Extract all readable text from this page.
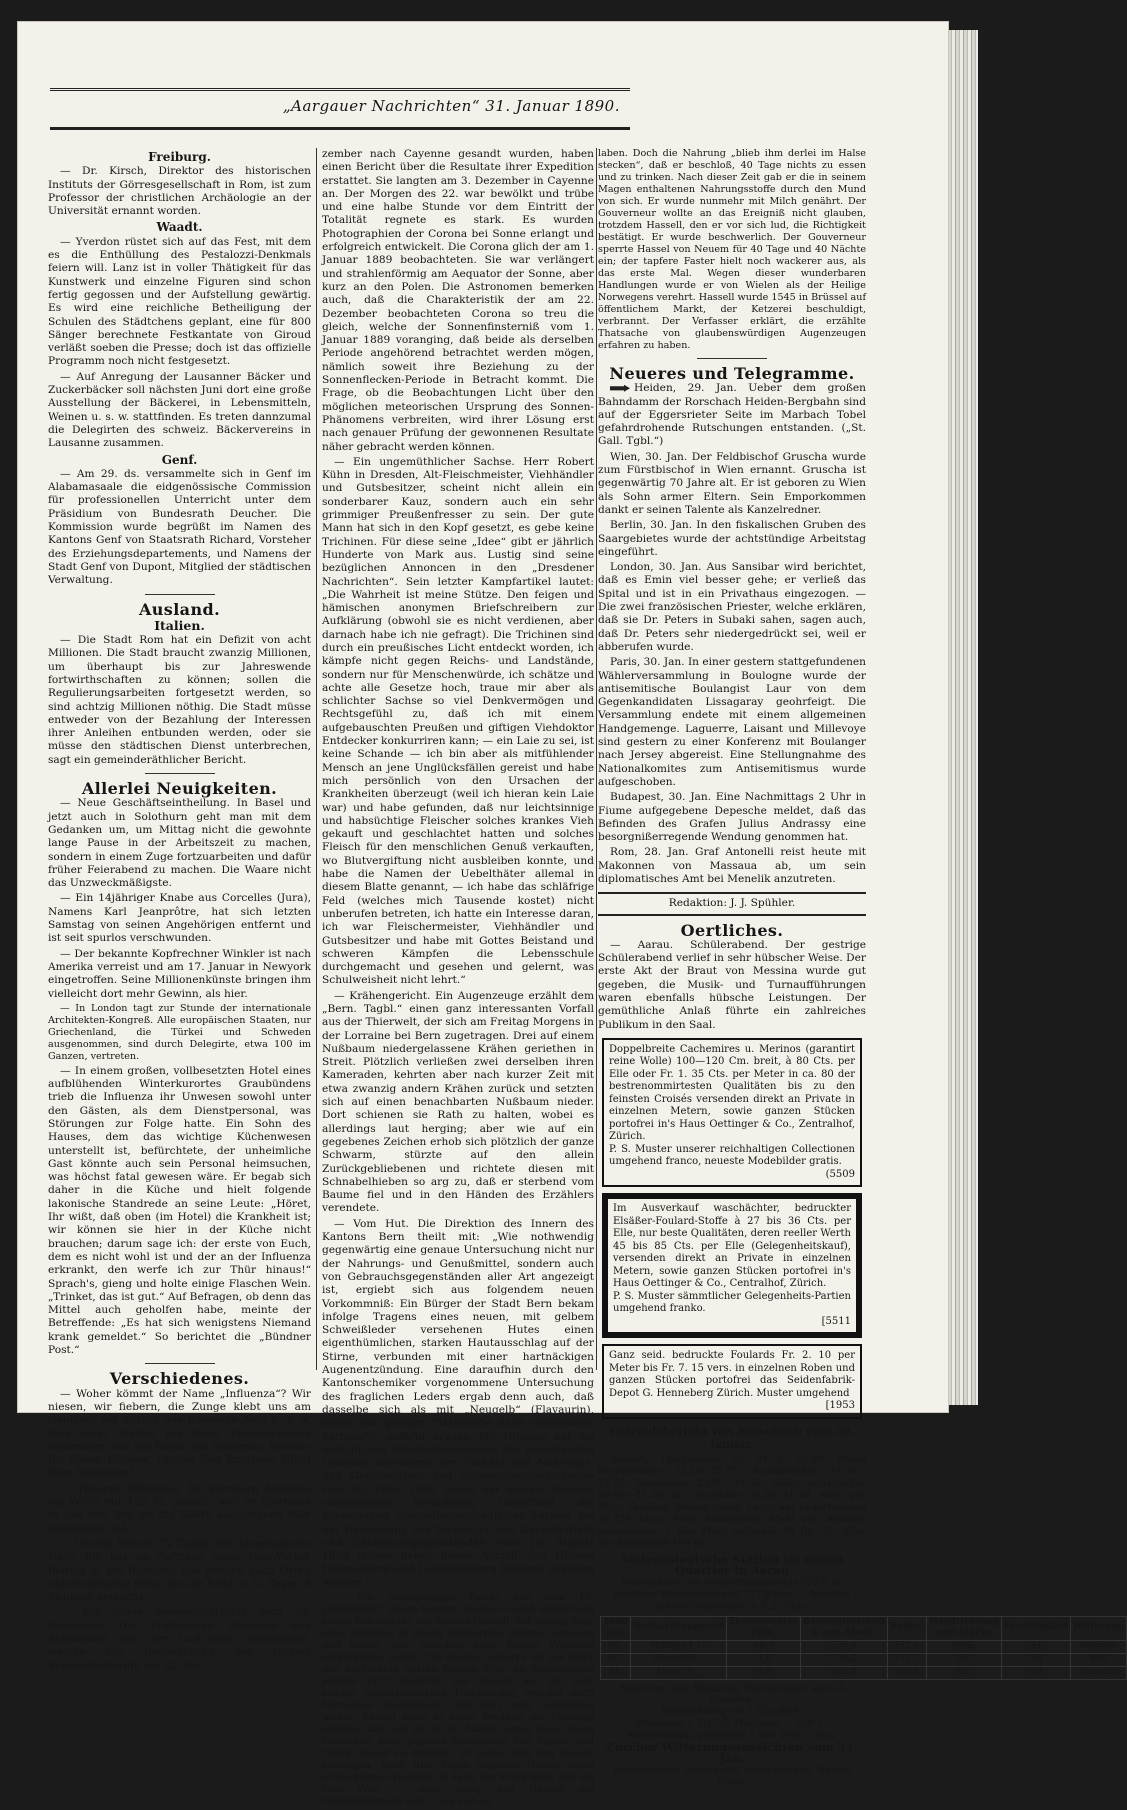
„Aargauer Nachrichten“ 31. Januar 1890.
Freiburg.

— Dr. Kirsch, Direktor des historischen Instituts der Görresgesellschaft in Rom, ist zum Professor der christlichen Archäologie an der Universität ernannt worden.

Waadt.

— Yverdon rüstet sich auf das Fest, mit dem es die Enthüllung des Pestalozzi-Denkmals feiern will. Lanz ist in voller Thätigkeit für das Kunstwerk und einzelne Figuren sind schon fertig gegossen und der Aufstellung gewärtig. Es wird eine reichliche Betheiligung der Schulen des Städtchens geplant, eine für 800 Sänger berechnete Festkantate von Giroud verläßt soeben die Presse; doch ist das offizielle Programm noch nicht festgesetzt.

— Auf Anregung der Lausanner Bäcker und Zuckerbäcker soll nächsten Juni dort eine große Ausstellung der Bäckerei, in Lebensmitteln, Weinen u. s. w. stattfinden. Es treten dannzumal die Delegirten des schweiz. Bäckervereins in Lausanne zusammen.

Genf.

— Am 29. ds. versammelte sich in Genf im Alabamasaale die eidgenössische Commission für professionellen Unterricht unter dem Präsidium von Bundesrath Deucher. Die Kommission wurde begrüßt im Namen des Kantons Genf von Staatsrath Richard, Vorsteher des Erziehungsdepartements, und Namens der Stadt Genf von Dupont, Mitglied der städtischen Verwaltung.

Ausland.
Italien.

— Die Stadt Rom hat ein Defizit von acht Millionen. Die Stadt braucht zwanzig Millionen, um überhaupt bis zur Jahreswende fortwirthschaften zu können; sollen die Regulierungsarbeiten fortgesetzt werden, so sind achtzig Millionen nöthig. Die Stadt müsse entweder von der Bezahlung der Interessen ihrer Anleihen entbunden werden, oder sie müsse den städtischen Dienst unterbrechen, sagt ein gemeinderäthlicher Bericht.

Allerlei Neuigkeiten.

— Neue Geschäftseintheilung. In Basel und jetzt auch in Solothurn geht man mit dem Gedanken um, um Mittag nicht die gewohnte lange Pause in der Arbeitszeit zu machen, sondern in einem Zuge fortzuarbeiten und dafür früher Feierabend zu machen. Die Waare nicht das Unzweckmäßigste.

— Ein 14jähriger Knabe aus Corcelles (Jura), Namens Karl Jeanprôtre, hat sich letzten Samstag von seinen Angehörigen entfernt und ist seit spurlos verschwunden.

— Der bekannte Kopfrechner Winkler ist nach Amerika verreist und am 17. Januar in Newyork eingetroffen. Seine Millionenkünste bringen ihm vielleicht dort mehr Gewinn, als hier.

— In London tagt zur Stunde der internationale Architekten-Kongreß. Alle europäischen Staaten, nur Griechenland, die Türkei und Schweden ausgenommen, sind durch Delegirte, etwa 100 im Ganzen, vertreten.

— In einem großen, vollbesetzten Hotel eines aufblühenden Winterkurortes Graubündens trieb die Influenza ihr Unwesen sowohl unter den Gästen, als dem Dienstpersonal, was Störungen zur Folge hatte. Ein Sohn des Hauses, dem das wichtige Küchenwesen unterstellt ist, befürchtete, der unheimliche Gast könnte auch sein Personal heimsuchen, was höchst fatal gewesen wäre. Er begab sich daher in die Küche und hielt folgende lakonische Standrede an seine Leute: „Höret, Ihr wißt, daß oben (im Hotel) die Krankheit ist; wir können sie hier in der Küche nicht brauchen; darum sage ich: der erste von Euch, dem es nicht wohl ist und der an der Influenza erkrankt, den werfe ich zur Thür hinaus!“ Sprach's, gieng und holte einige Flaschen Wein. „Trinket, das ist gut.“ Auf Befragen, ob denn das Mittel auch geholfen habe, meinte der Betreffende: „Es hat sich wenigstens Niemand krank gemeldet.“ So berichtet die „Bündner Post.“

Verschiedenes.

— Woher kömmt der Name „Influenza“? Wir niesen, wir fiebern, die Zunge klebt uns am Gaumen, wir zittern wie frierende Aale u. s. w. Nun wohl, stellen wir diese Erscheinungen zusammen und wir haben die Influenza. Beweis: Ich Niese, Fiebere, Lechze Und Erzittere, Nicht Zum Aushalten!

— Theures Kübelbier. In Nürnberg bezahlte ein Wirth mit 125 Fr. gebüßt, weil er Bierreste in das von ihm an die Gäste abgegebene Bier geschüttet hat.

— Um die Erde in 72 Tagen. Die Amerikanerin Nelly Bly hat im Auftrage eines New-Yorker Blattes in der Richtung von Westen nach Osten unternommene Reise um die Erde in 72 Tagen 6 Stunden gemacht.

— Die totale Sonnenfinsterniß vom 22. Dezember. Die Professoren Burnham und Schaeberle von der Lick'schen Sternwarte, welche zur Beobachtung der totalen Sonnenfinsterniß am 22. De-

zember nach Cayenne gesandt wurden, haben einen Bericht über die Resultate ihrer Expedition erstattet. Sie langten am 3. Dezember in Cayenne an. Der Morgen des 22. war bewölkt und trübe und eine halbe Stunde vor dem Eintritt der Totalität regnete es stark. Es wurden Photographien der Corona bei Sonne erlangt und erfolgreich entwickelt. Die Corona glich der am 1. Januar 1889 beobachteten. Sie war verlängert und strahlenförmig am Aequator der Sonne, aber kurz an den Polen. Die Astronomen bemerken auch, daß die Charakteristik der am 22. Dezember beobachteten Corona so treu die gleich, welche der Sonnenfinsterniß vom 1. Januar 1889 voranging, daß beide als derselben Periode angehörend betrachtet werden mögen, nämlich soweit ihre Beziehung zu der Sonnenflecken-Periode in Betracht kommt. Die Frage, ob die Beobachtungen Licht über den möglichen meteorischen Ursprung des Sonnen-Phänomens verbreiten, wird ihrer Lösung erst nach genauer Prüfung der gewonnenen Resultate näher gebracht werden können.

— Ein ungemüthlicher Sachse. Herr Robert Kühn in Dresden, Alt-Fleischmeister, Viehhändler und Gutsbesitzer, scheint nicht allein ein sonderbarer Kauz, sondern auch ein sehr grimmiger Preußenfresser zu sein. Der gute Mann hat sich in den Kopf gesetzt, es gebe keine Trichinen. Für diese seine „Idee“ gibt er jährlich Hunderte von Mark aus. Lustig sind seine bezüglichen Annoncen in den „Dresdener Nachrichten“. Sein letzter Kampfartikel lautet: „Die Wahrheit ist meine Stütze. Den feigen und hämischen anonymen Briefschreibern zur Aufklärung (obwohl sie es nicht verdienen, aber darnach habe ich nie gefragt). Die Trichinen sind durch ein preußisches Licht entdeckt worden, ich kämpfe nicht gegen Reichs- und Landstände, sondern nur für Menschenwürde, ich schätze und achte alle Gesetze hoch, traue mir aber als schlichter Sachse so viel Denkvermögen und Rechtsgefühl zu, daß ich mit einem aufgebauschten Preußen und giftigen Viehdoktor Entdecker konkurriren kann; — ein Laie zu sei, ist keine Schande — ich bin aber als mitfühlender Mensch an jene Unglücksfällen gereist und habe mich persönlich von den Ursachen der Krankheiten überzeugt (weil ich hieran kein Laie war) und habe gefunden, daß nur leichtsinnige und habsüchtige Fleischer solches krankes Vieh gekauft und geschlachtet hatten und solches Fleisch für den menschlichen Genuß verkauften, wo Blutvergiftung nicht ausbleiben konnte, und habe die Namen der Uebelthäter allemal in diesem Blatte genannt, — ich habe das schläfrige Feld (welches mich Tausende kostet) nicht unberufen betreten, ich hatte ein Interesse daran, ich war Fleischermeister, Viehhändler und Gutsbesitzer und habe mit Gottes Beistand und schweren Kämpfen die Lebensschule durchgemacht und gesehen und gelernt, was Schulweisheit nicht lehrt.“

— Krähengericht. Ein Augenzeuge erzählt dem „Bern. Tagbl.“ einen ganz interessanten Vorfall aus der Thierwelt, der sich am Freitag Morgens in der Lorraine bei Bern zugetragen. Drei auf einem Nußbaum niedergelassene Krähen geriethen in Streit. Plötzlich verließen zwei derselben ihren Kameraden, kehrten aber nach kurzer Zeit mit etwa zwanzig andern Krähen zurück und setzten sich auf einen benachbarten Nußbaum nieder. Dort schienen sie Rath zu halten, wobei es allerdings laut herging; aber wie auf ein gegebenes Zeichen erhob sich plötzlich der ganze Schwarm, stürzte auf den allein Zurückgebliebenen und richtete diesen mit Schnabelhieben so arg zu, daß er sterbend vom Baume fiel und in den Händen des Erzählers verendete.

— Vom Hut. Die Direktion des Innern des Kantons Bern theilt mit: „Wie nothwendig gegenwärtig eine genaue Untersuchung nicht nur der Nahrungs- und Genußmittel, sondern auch von Gebrauchsgegenständen aller Art angezeigt ist, ergiebt sich aus folgendem neuen Vorkommniß: Ein Bürger der Stadt Bern bekam infolge Tragens eines neuen, mit gelbem Schweißleder versehenen Hutes einen eigenthümlichen, starken Hautausschlag auf der Stirne, verbunden mit einer hartnäckigen Augenentzündung. Eine daraufhin durch den Kantonschemiker vorgenommene Untersuchung des fraglichen Leders ergab denn auch, daß dasselbe sich als mit „Neugelb“ (Flavaurin), einem der giftigen Pikrinfarbe nahe verwandten Farbstoffe, gefärbt erwies. Mit Hinweis auf die bezüglichen Strafbestimmungen des betreffenden Gesetzes betreffend den Verkehr mit Nahrungs- und Genußmitteln und Gebrauchsgegenständen vom 26. Febr. 1888, sowie der diesem Gesetze zudienenden Verordnung betreffend die Verwendung gesundheitsschädlicher Farben bei der Herstellung von Nahrungs- und Genußmitteln und Gebrauchsgegenständen vom 10. August 1889 müsse daher dieser Vorfall den Herren Hutmachern und Lederhändlern bekannt gegeben werden.“

— Ein vierzigtägiger Faster aus dem 16. Jahrhundert. Simon Goulart, Pastor in Genf, erzählt von einem Individuum, mit Namen Hassell, der vierzig Tage ohne Nahrung in einem versperrten Zimmer gelassen und dieser Zeit trotzdem beim besten Wohlsein aufgefunden wurde. Die Quelle Goulart's ist das Werk des berühmten Arztes Johann Wier de commentitiis jejuniis 1577. Heinrich von Hassell war ein sehr reicher niederländischer Tuchhändler, welcher nach Norwegen übersiedelte und dort sehr wohlthätig wirkte. Einmal hörte er einen Prediger die Meinung äußern, daß Gott die in der Nacht Gottes liege, einen Menschen ohne jegliche Entziehung von Speise und Trank lebend zu erhalten. Er wollte nun den Beweis erbringen. Nach drei Tagen empfand Hassel einen schrecklichen Hunger; er hatte ein Stück Brod und ein Glas Wier — man sieht, daß Hassell ein Vollblutgermane war — um sich zu

laben. Doch die Nahrung „blieb ihm derlei im Halse stecken“, daß er beschloß, 40 Tage nichts zu essen und zu trinken. Nach dieser Zeit gab er die in seinem Magen enthaltenen Nahrungsstoffe durch den Mund von sich. Er wurde nunmehr mit Milch genährt. Der Gouverneur wollte an das Ereigniß nicht glauben, trotzdem Hassell, den er vor sich lud, die Richtigkeit bestätigt. Er wurde beschwerlich. Der Gouverneur sperrte Hassel von Neuem für 40 Tage und 40 Nächte ein; der tapfere Faster hielt noch wackerer aus, als das erste Mal. Wegen dieser wunderbaren Handlungen wurde er von Wielen als der Heilige Norwegens verehrt. Hassell wurde 1545 in Brüssel auf öffentlichem Markt, der Ketzerei beschuldigt, verbrannt. Der Verfasser erklärt, die erzählte Thatsache von glaubenswürdigen Augenzeugen erfahren zu haben.

Neueres und Telegramme.

Heiden, 29. Jan. Ueber dem großen Bahndamm der Rorschach Heiden-Bergbahn sind auf der Eggersrieter Seite im Marbach Tobel gefahrdrohende Rutschungen entstanden. („St. Gall. Tgbl.“)

Wien, 30. Jan. Der Feldbischof Gruscha wurde zum Fürstbischof in Wien ernannt. Gruscha ist gegenwärtig 70 Jahre alt. Er ist geboren zu Wien als Sohn armer Eltern. Sein Emporkommen dankt er seinen Talente als Kanzelredner.

Berlin, 30. Jan. In den fiskalischen Gruben des Saargebietes wurde der achtstündige Arbeitstag eingeführt.

London, 30. Jan. Aus Sansibar wird berichtet, daß es Emin viel besser gehe; er verließ das Spital und ist in ein Privathaus eingezogen. — Die zwei französischen Priester, welche erklären, daß sie Dr. Peters in Subaki sahen, sagen auch, daß Dr. Peters sehr niedergedrückt sei, weil er abberufen wurde.

Paris, 30. Jan. In einer gestern stattgefundenen Wählerversammlung in Boulogne wurde der antisemitische Boulangist Laur von dem Gegenkandidaten Lissagaray geohrfeigt. Die Versammlung endete mit einem allgemeinen Handgemenge. Laguerre, Laisant und Millevoye sind gestern zu einer Konferenz mit Boulanger nach Jersey abgereist. Eine Stellungnahme des Nationalkomites zum Antisemitismus wurde aufgeschoben.

Budapest, 30. Jan. Eine Nachmittags 2 Uhr in Fiume aufgegebene Depesche meldet, daß das Befinden des Grafen Julius Andrassy eine besorgnißerregende Wendung genommen hat.

Rom, 28. Jan. Graf Antonelli reist heute mit Makonnen von Massaua ab, um sein diplomatisches Amt bei Menelik anzutreten.

Redaktion: J. J. Spühler.
Oertliches.

— Aarau. Schülerabend. Der gestrige Schülerabend verlief in sehr hübscher Weise. Der erste Akt der Braut von Messina wurde gut gegeben, die Musik- und Turnaufführungen waren ebenfalls hübsche Leistungen. Der gemüthliche Anlaß führte ein zahlreiches Publikum in den Saal.

Doppelbreite Cachemires u. Merinos (garantirt reine Wolle) 100—120 Cm. breit, à 80 Cts. per Elle oder Fr. 1. 35 Cts. per Meter in ca. 80 der bestrenommirtesten Qualitäten bis zu den feinsten Croisés versenden direkt an Private in einzelnen Metern, sowie ganzen Stücken portofrei in's Haus Oettinger & Co., Zentralhof, Zürich.
P. S. Muster unserer reichhaltigen Collectionen umgehend franco, neueste Modebilder gratis.
(5509
Im Ausverkauf waschächter, bedruckter Elsäßer-Foulard-Stoffe à 27 bis 36 Cts. per Elle, nur beste Qualitäten, deren reeller Werth 45 bis 85 Cts. per Elle (Gelegenheitskauf), versenden direkt an Private in einzelnen Metern, sowie ganzen Stücken portofrei in's Haus Oettinger & Co., Centralhof, Zürich.
P. S. Muster sämmtlicher Gelegenheits-Partien umgehend franko.
[5511
Ganz seid. bedruckte Foulards Fr. 2. 10 per Meter bis Fr. 7. 15 vers. in einzelnen Roben und ganzen Stücken portofrei das Seidenfabrik-Depot G. Henneberg Zürich. Muster umgehend
[1953
Getreidebericht von Rorschach vom 30. Januar.

Ausfich, Theißweizen Fr. 24.75.—25.00. Prima Ungarweizen 23.50—23.75. Rumänischer 24.00—24.75. Russischer 23.00—24.50. Hafer ungarischer 20.00—21.50, do. dänischer 20.50 21.50. Alles per Mtzr. Tendenz: Weizen ruhig. Lager auf Lagerbestand 56,724 Mtzr. Preis bestimmter Mehl von Müllern kommission: 1 Kilo Mehl halbweiß 44 Rp. 2½ Kilo. Brod halbweiß 104 Rp.

Meteorologische Station im neuen Quartier in Aarau
Meereshöhe des Beobachtungsortes 397,6 m. mittlerer Barometerstand 727,8 mm. — Mittlere Jahres-Temperatur + 8,2° Cels.
1890 Jan.	Beobachtungszeit	Thermometer Cels.	Barometerstand i. mm Absol.	Reduc.	Windrichtung und Stärke	Feuchtigkeit	Witterung
30.	Mittags.1 U.	+0,9	735,4	772,6	NNE.	54	bewölkt
30.	Abends.9 „	-4,8	734,2	771,7	NE.	80	hell
31.	Morg. 7 „	-3,7	732,4	769,6	SE.	90	bedeckt
Maximum und Minimum Thermometer seit 24 Stunden:
Beobachtung um 7 Uhr früh:
Maximum + 1,1° C. Minimum — 6,3° C.
Niederschlag, gemessen 7 Uhr früh — mm.
Zürcher Witterungsaussichten vom 31. Jan.
Veränderliche Bewölkung, meist trocken; Nachts Frost.
